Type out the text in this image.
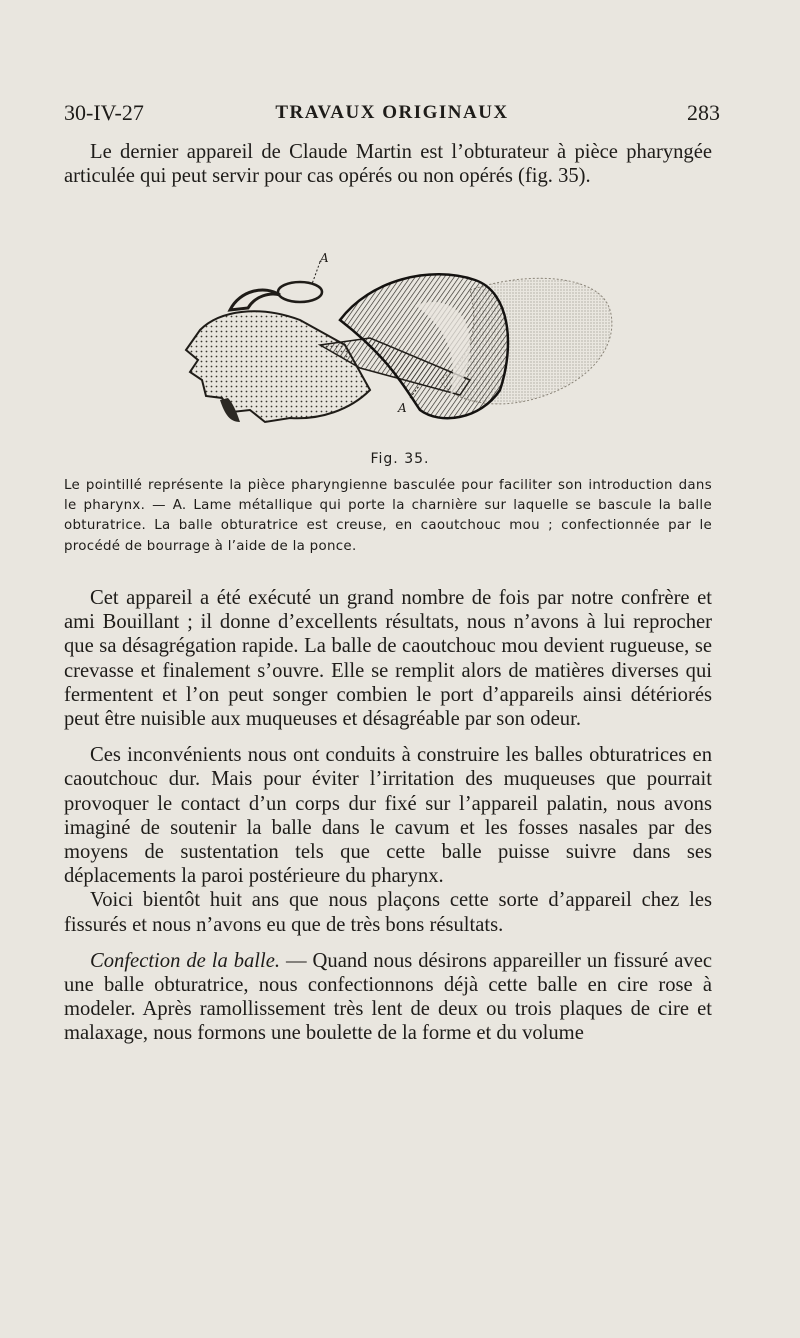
30-IV-27	TRAVAUX ORIGINAUX	283

Le dernier appareil de Claude Martin est l’obturateur à pièce pharyngée articulée qui peut servir pour cas opérés ou non opérés (fig. 35).

A
A
Fig. 35.

Le pointillé représente la pièce pharyngienne basculée pour faciliter son introduction dans le pharynx. — A. Lame métallique qui porte la charnière sur laquelle se bascule la balle obturatrice. La balle obturatrice est creuse, en caoutchouc mou ; confectionnée par le procédé de bourrage à l’aide de la ponce.

Cet appareil a été exécuté un grand nombre de fois par notre confrère et ami Bouillant ; il donne d’excellents résultats, nous n’avons à lui reprocher que sa désagrégation rapide. La balle de caoutchouc mou devient rugueuse, se crevasse et finalement s’ouvre. Elle se remplit alors de matières diverses qui fermentent et l’on peut songer combien le port d’appareils ainsi détériorés peut être nuisible aux muqueuses et désagréable par son odeur.

Ces inconvénients nous ont conduits à construire les balles obturatrices en caoutchouc dur. Mais pour éviter l’irritation des muqueuses que pourrait provoquer le contact d’un corps dur fixé sur l’appareil palatin, nous avons imaginé de soutenir la balle dans le cavum et les fosses nasales par des moyens de sustentation tels que cette balle puisse suivre dans ses déplacements la paroi postérieure du pharynx.

Voici bientôt huit ans que nous plaçons cette sorte d’appareil chez les fissurés et nous n’avons eu que de très bons résultats.

Confection de la balle. — Quand nous désirons appareiller un fissuré avec une balle obturatrice, nous confectionnons déjà cette balle en cire rose à modeler. Après ramollissement très lent de deux ou trois plaques de cire et malaxage, nous formons une boulette de la forme et du volume
